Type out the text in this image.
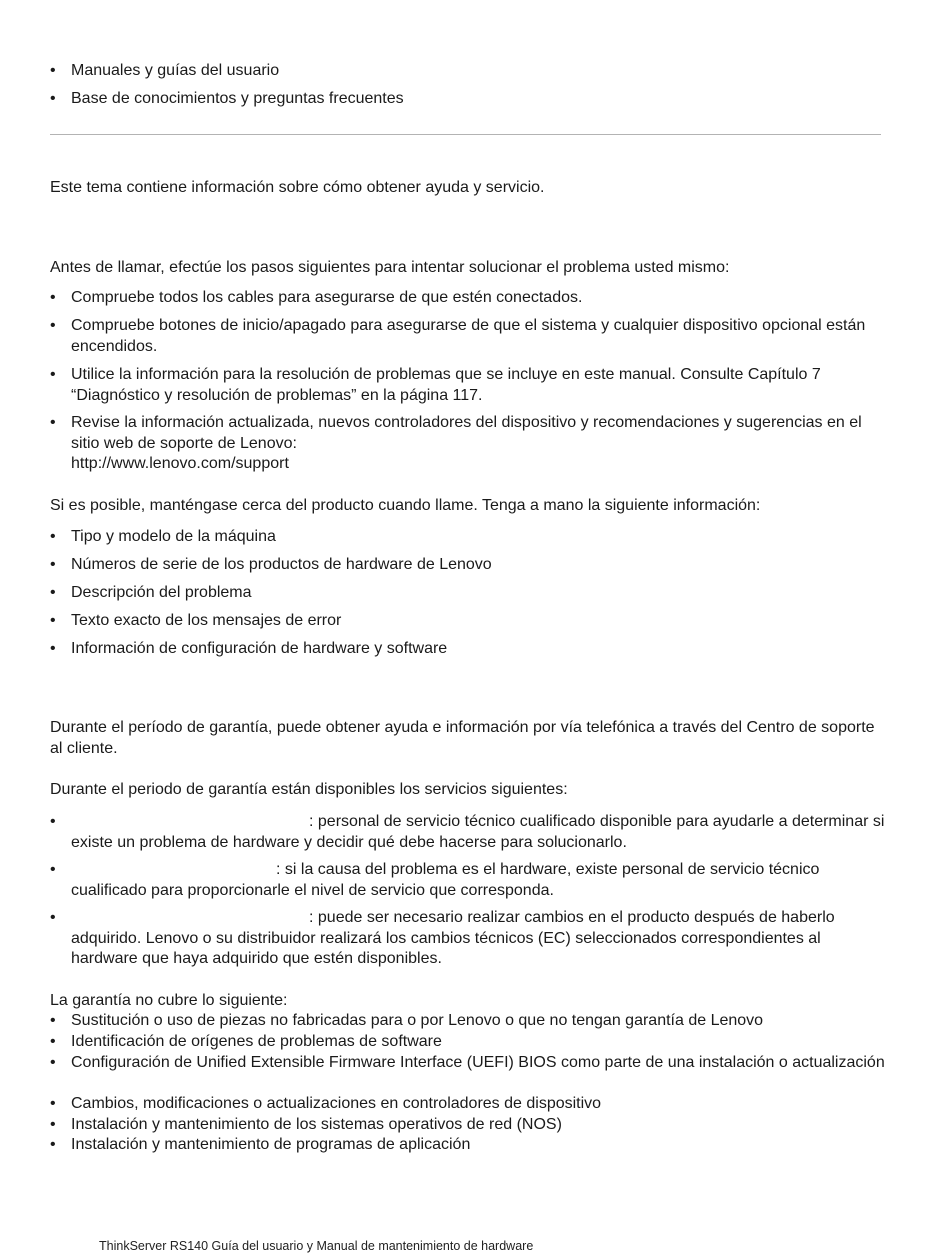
• Manuales y guías del usuario
• Base de conocimientos y preguntas frecuentes

Este tema contiene información sobre cómo obtener ayuda y servicio.

Antes de llamar, efectúe los pasos siguientes para intentar solucionar el problema usted mismo:

• Compruebe todos los cables para asegurarse de que estén conectados.
• Compruebe botones de inicio/apagado para asegurarse de que el sistema y cualquier dispositivo opcional están encendidos.
• Utilice la información para la resolución de problemas que se incluye en este manual. Consulte Capítulo 7 “Diagnóstico y resolución de problemas” en la página 117.
• Revise la información actualizada, nuevos controladores del dispositivo y recomendaciones y sugerencias en el sitio web de soporte de Lenovo:
http://www.lenovo.com/support

Si es posible, manténgase cerca del producto cuando llame. Tenga a mano la siguiente información:

• Tipo y modelo de la máquina
• Números de serie de los productos de hardware de Lenovo
• Descripción del problema
• Texto exacto de los mensajes de error
• Información de configuración de hardware y software

Durante el período de garantía, puede obtener ayuda e información por vía telefónica a través del Centro de soporte al cliente.

Durante el periodo de garantía están disponibles los servicios siguientes:

•	: personal de servicio técnico cualificado disponible para ayudarle a determinar si existe un problema de hardware y decidir qué debe hacerse para solucionarlo.
•	: si la causa del problema es el hardware, existe personal de servicio técnico cualificado para proporcionarle el nivel de servicio que corresponda.
•	: puede ser necesario realizar cambios en el producto después de haberlo adquirido. Lenovo o su distribuidor realizará los cambios técnicos (EC) seleccionados correspondientes al hardware que haya adquirido que estén disponibles.

La garantía no cubre lo siguiente:

• Sustitución o uso de piezas no fabricadas para o por Lenovo o que no tengan garantía de Lenovo
• Identificación de orígenes de problemas de software
• Configuración de Unified Extensible Firmware Interface (UEFI) BIOS como parte de una instalación o actualización
• Cambios, modificaciones o actualizaciones en controladores de dispositivo
• Instalación y mantenimiento de los sistemas operativos de red (NOS)
• Instalación y mantenimiento de programas de aplicación
ThinkServer RS140 Guía del usuario y Manual de mantenimiento de hardware
